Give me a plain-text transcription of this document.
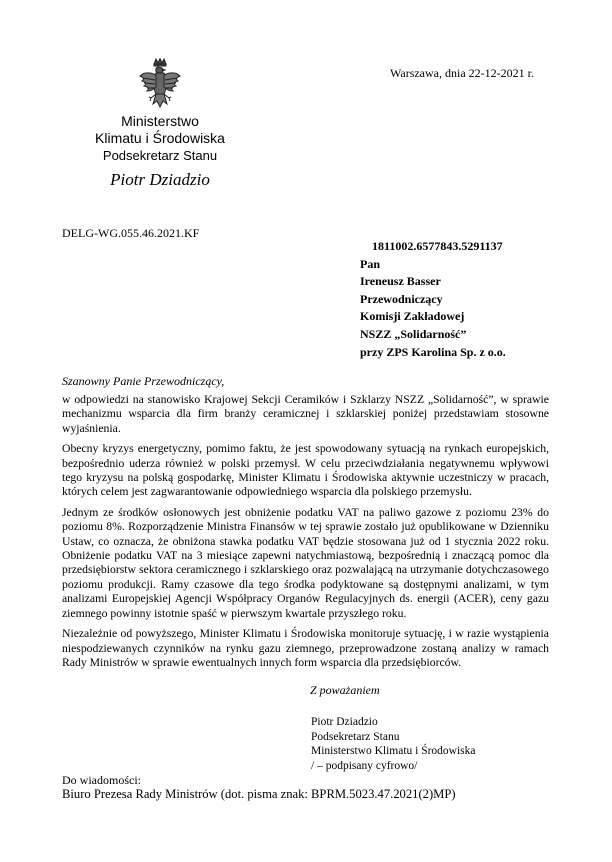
Ministerstwo
Klimatu i Środowiska
Podsekretarz Stanu
Piotr Dziadzio
Warszawa, dnia 22-12-2021 r.
DELG-WG.055.46.2021.KF
1811002.6577843.5291137
Pan
Ireneusz Basser
Przewodniczący
Komisji Zakładowej
NSZZ „Solidarność”
przy ZPS Karolina Sp. z o.o.
Szanowny Panie Przewodniczący,

w odpowiedzi na stanowisko Krajowej Sekcji Ceramików i Szklarzy NSZZ „Solidarność”, w sprawie mechanizmu wsparcia dla firm branży ceramicznej i szklarskiej poniżej przedstawiam stosowne wyjaśnienia.

Obecny kryzys energetyczny, pomimo faktu, że jest spowodowany sytuacją na rynkach europejskich, bezpośrednio uderza również w polski przemysł. W celu przeciwdziałania negatywnemu wpływowi tego kryzysu na polską gospodarkę, Minister Klimatu i Środowiska aktywnie uczestniczy w pracach, których celem jest zagwarantowanie odpowiedniego wsparcia dla polskiego przemysłu.

Jednym ze środków osłonowych jest obniżenie podatku VAT na paliwo gazowe z poziomu 23% do poziomu 8%. Rozporządzenie Ministra Finansów w tej sprawie zostało już opublikowane w Dzienniku Ustaw, co oznacza, że obniżona stawka podatku VAT będzie stosowana już od 1 stycznia 2022 roku. Obniżenie podatku VAT na 3 miesiące zapewni natychmiastową, bezpośrednią i znaczącą pomoc dla przedsiębiorstw sektora ceramicznego i szklarskiego oraz pozwalającą na utrzymanie dotychczasowego poziomu produkcji. Ramy czasowe dla tego środka podyktowane są dostępnymi analizami, w tym analizami Europejskiej Agencji Współpracy Organów Regulacyjnych ds. energii (ACER), ceny gazu ziemnego powinny istotnie spaść w pierwszym kwartale przyszłego roku.

Niezależnie od powyższego, Minister Klimatu i Środowiska monitoruje sytuację, i w razie wystąpienia niespodziewanych czynników na rynku gazu ziemnego, przeprowadzone zostaną analizy w ramach Rady Ministrów w sprawie ewentualnych innych form wsparcia dla przedsiębiorców.

Z poważaniem
Piotr Dziadzio
Podsekretarz Stanu
Ministerstwo Klimatu i Środowiska
/ – podpisany cyfrowo/
Do wiadomości:
Biuro Prezesa Rady Ministrów (dot. pisma znak: BPRM.5023.47.2021(2)MP)
